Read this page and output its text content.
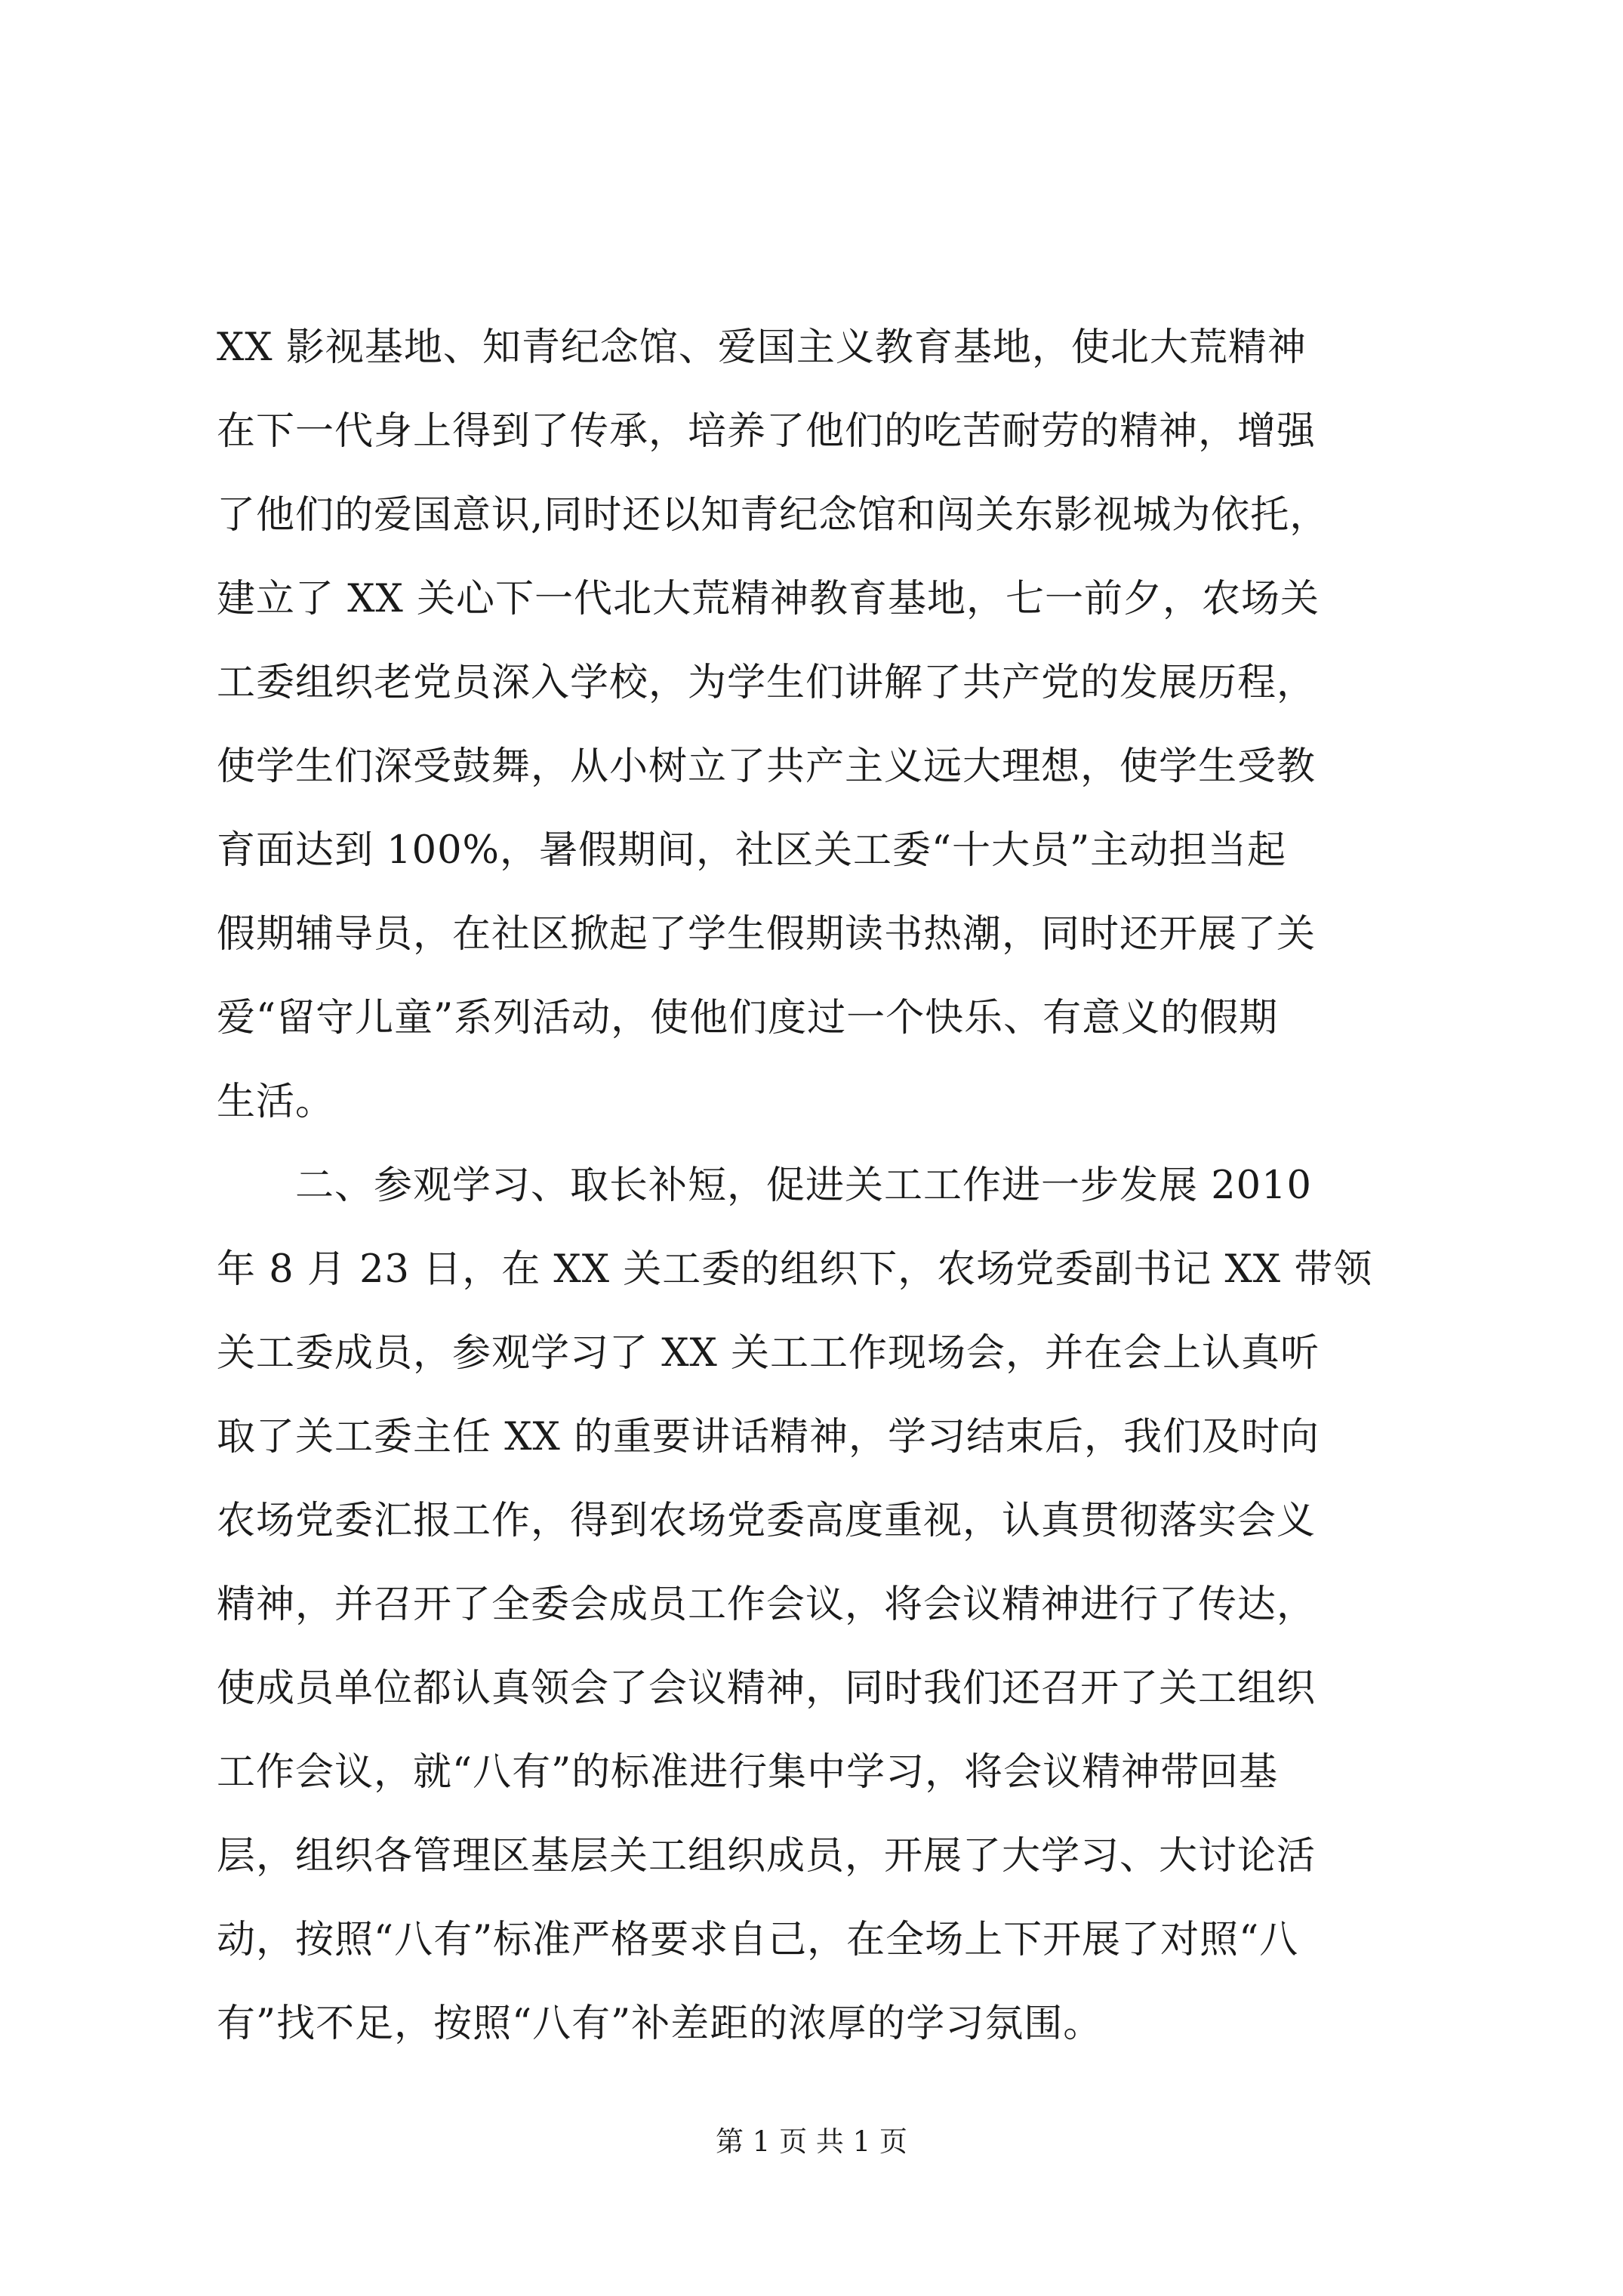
XX 影视基地、知青纪念馆、爱国主义教育基地，使北大荒精神
在下一代身上得到了传承，培养了他们的吃苦耐劳的精神，增强
了他们的爱国意识,同时还以知青纪念馆和闯关东影视城为依托，
建立了 XX 关心下一代北大荒精神教育基地，七一前夕，农场关
工委组织老党员深入学校，为学生们讲解了共产党的发展历程，
使学生们深受鼓舞，从小树立了共产主义远大理想，使学生受教
育面达到 100%，暑假期间，社区关工委“十大员”主动担当起
假期辅导员，在社区掀起了学生假期读书热潮，同时还开展了关
爱“留守儿童”系列活动，使他们度过一个快乐、有意义的假期
生活。
　　二、参观学习、取长补短，促进关工工作进一步发展 2010
年 8 月 23 日，在 XX 关工委的组织下，农场党委副书记 XX 带领
关工委成员，参观学习了 XX 关工工作现场会，并在会上认真听
取了关工委主任 XX 的重要讲话精神，学习结束后，我们及时向
农场党委汇报工作，得到农场党委高度重视，认真贯彻落实会义
精神，并召开了全委会成员工作会议，将会议精神进行了传达，
使成员单位都认真领会了会议精神，同时我们还召开了关工组织
工作会议，就“八有”的标准进行集中学习，将会议精神带回基
层，组织各管理区基层关工组织成员，开展了大学习、大讨论活
动，按照“八有”标准严格要求自己，在全场上下开展了对照“八
有”找不足，按照“八有”补差距的浓厚的学习氛围。
第 1 页 共 1 页
